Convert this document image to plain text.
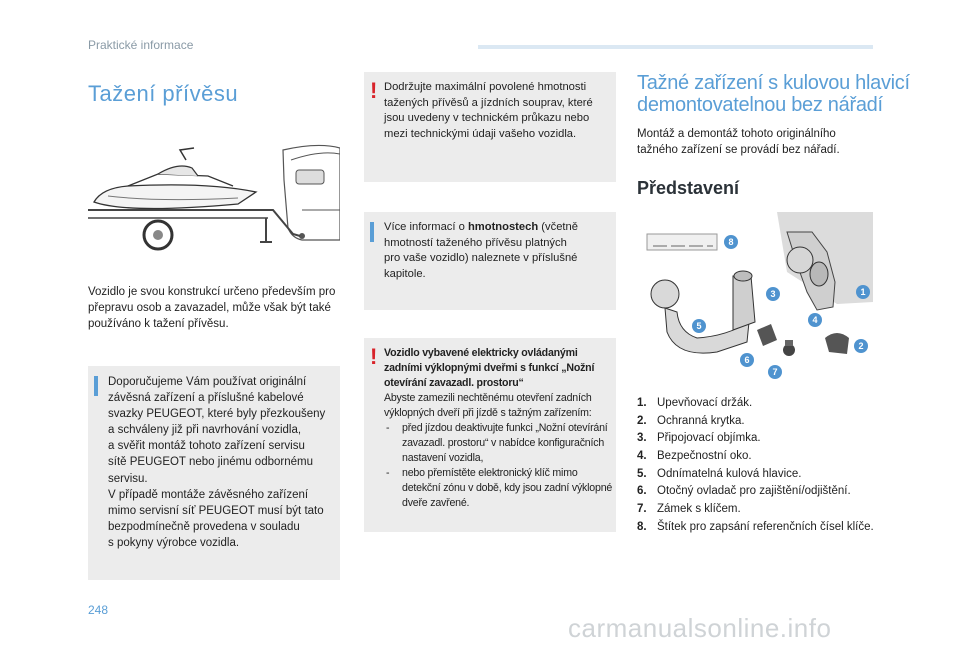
Praktické informace
Tažení přívěsu
Vozidlo je svou konstrukcí určeno především pro přepravu osob a zavazadel, může však být také používáno k tažení přívěsu.
Doporučujeme Vám používat originální
závěsná zařízení a příslušné kabelové
svazky PEUGEOT, které byly přezkoušeny
a schváleny již při navrhování vozidla,
a svěřit montáž tohoto zařízení servisu
sítě PEUGEOT nebo jinému odbornému
servisu.
V případě montáže závěsného zařízení
mimo servisní síť PEUGEOT musí být tato
bezpodmínečně provedena v souladu
s pokyny výrobce vozidla.
! Dodržujte maximální povolené hmotnosti
tažených přívěsů a jízdních souprav, které
jsou uvedeny v technickém průkazu nebo
mezi technickými údaji vašeho vozidla.
Více informací o hmotnostech (včetně
hmotností taženého přívěsu platných
pro vaše vozidlo) naleznete v příslušné
kapitole.
! Vozidlo vybavené elektricky ovládanými
zadními výklopnými dveřmi s funkcí „Nožní
otevírání zavazadl. prostoru“
Abyste zamezili nechtěnému otevření zadních
výklopných dveří při jízdě s tažným zařízením:
- před jízdou deaktivujte funkci „Nožní otevírání zavazadl. prostoru“ v nabídce konfiguračních nastavení vozidla,
- nebo přemístěte elektronický klíč mimo detekční zónu v době, kdy jsou zadní výklopné dveře zavřené.
Tažné zařízení s kulovou hlavicí
demontovatelnou bez nářadí
Montáž a demontáž tohoto originálního tažného zařízení se provádí bez nářadí.
Představení
8
3	1
4
5
2
6
7
1. Upevňovací držák.
2. Ochranná krytka.
3. Připojovací objímka.
4. Bezpečnostní oko.
5. Odnímatelná kulová hlavice.
6. Otočný ovladač pro zajištění/odjištění.
7. Zámek s klíčem.
8. Štítek pro zapsání referenčních čísel klíče.
248
carmanualsonline.info
